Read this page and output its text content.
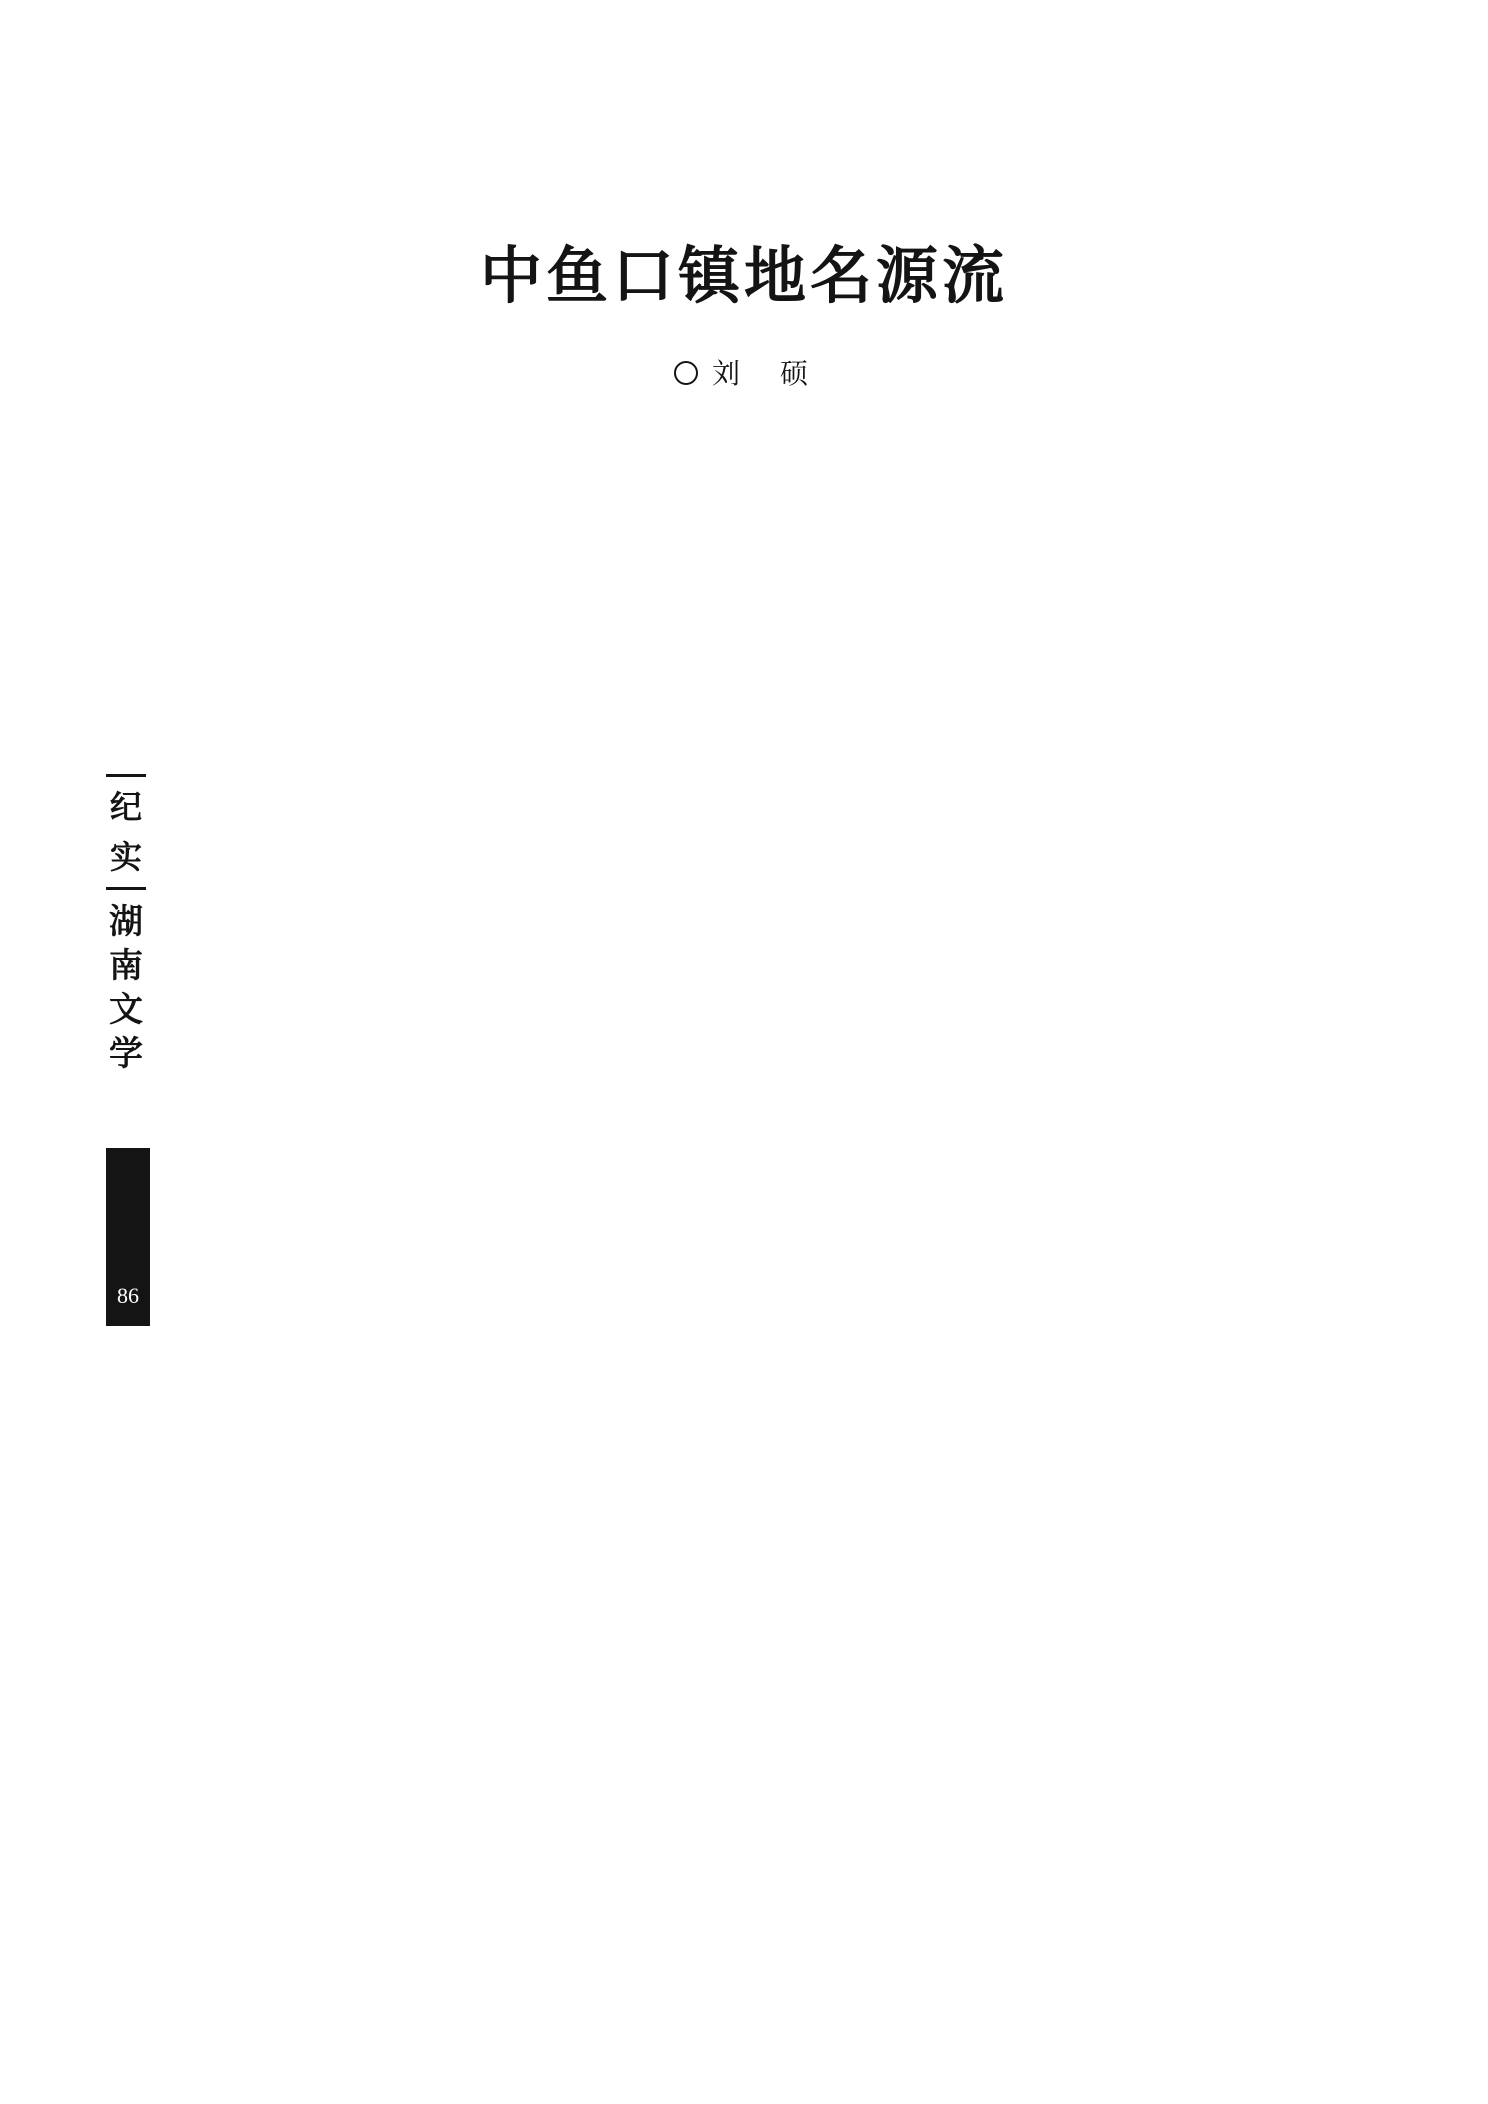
中鱼口镇地名源流
刘　硕
纪
实
湖南文学
86
